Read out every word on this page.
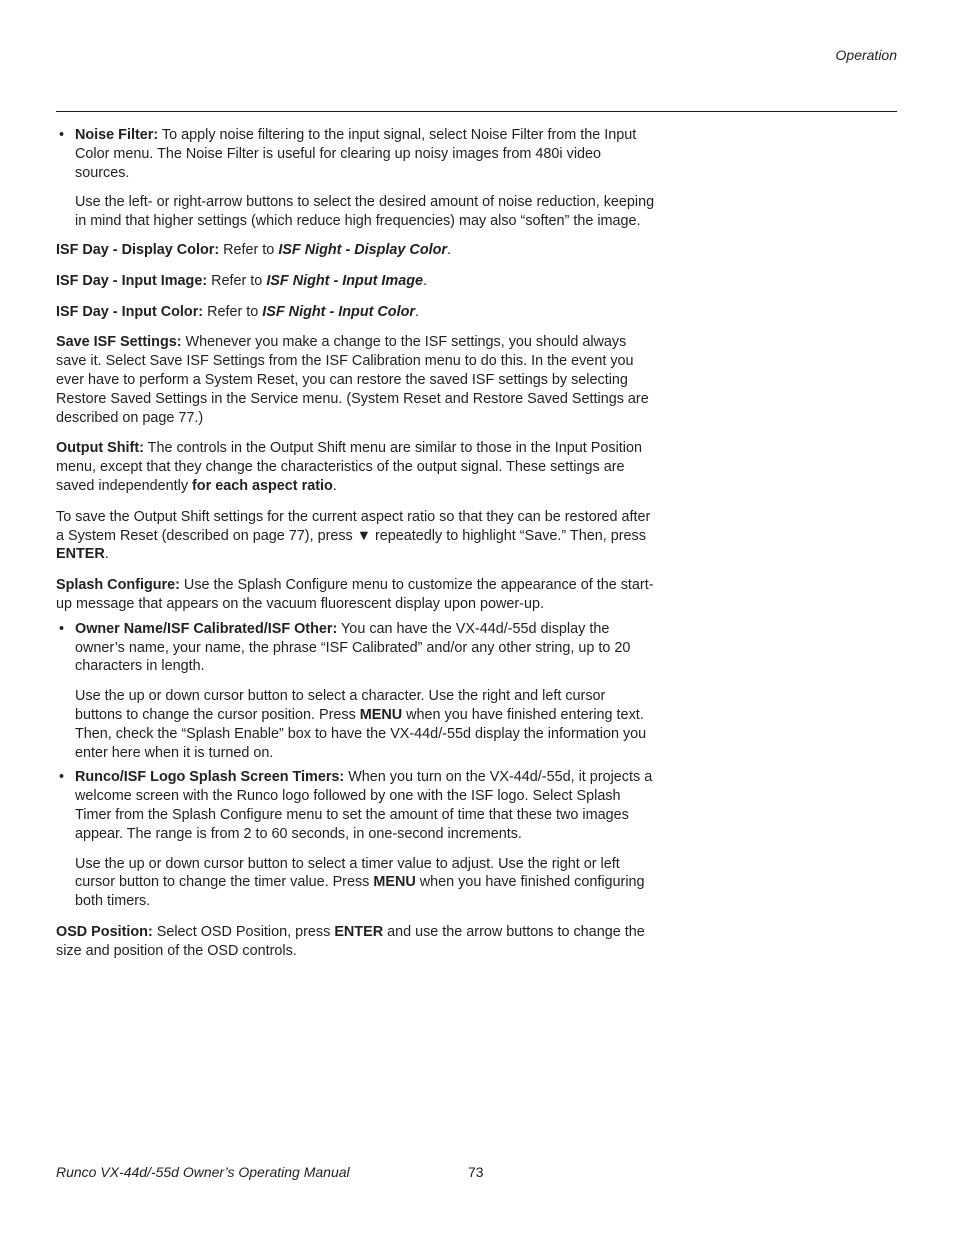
Operation
• Noise Filter: To apply noise filtering to the input signal, select Noise Filter from the Input Color menu. The Noise Filter is useful for clearing up noisy images from 480i video sources.

Use the left- or right-arrow buttons to select the desired amount of noise reduction, keeping in mind that higher settings (which reduce high frequencies) may also “soften” the image.

ISF Day - Display Color: Refer to ISF Night - Display Color.

ISF Day - Input Image: Refer to ISF Night - Input Image.

ISF Day - Input Color: Refer to ISF Night - Input Color.

Save ISF Settings: Whenever you make a change to the ISF settings, you should always save it. Select Save ISF Settings from the ISF Calibration menu to do this. In the event you ever have to perform a System Reset, you can restore the saved ISF settings by selecting Restore Saved Settings in the Service menu. (System Reset and Restore Saved Settings are described on page 77.)

Output Shift: The controls in the Output Shift menu are similar to those in the Input Position menu, except that they change the characteristics of the output signal. These settings are saved independently for each aspect ratio.

To save the Output Shift settings for the current aspect ratio so that they can be restored after a System Reset (described on page 77), press ▼ repeatedly to highlight “Save.” Then, press ENTER.

Splash Configure: Use the Splash Configure menu to customize the appearance of the start-up message that appears on the vacuum fluorescent display upon power-up.

• Owner Name/ISF Calibrated/ISF Other: You can have the VX-44d/-55d display the owner’s name, your name, the phrase “ISF Calibrated” and/or any other string, up to 20 characters in length.

Use the up or down cursor button to select a character. Use the right and left cursor buttons to change the cursor position. Press MENU when you have finished entering text. Then, check the “Splash Enable” box to have the VX-44d/-55d display the information you enter here when it is turned on.

• Runco/ISF Logo Splash Screen Timers: When you turn on the VX-44d/-55d, it projects a welcome screen with the Runco logo followed by one with the ISF logo. Select Splash Timer from the Splash Configure menu to set the amount of time that these two images appear. The range is from 2 to 60 seconds, in one-second increments.

Use the up or down cursor button to select a timer value to adjust. Use the right or left cursor button to change the timer value. Press MENU when you have finished configuring both timers.

OSD Position: Select OSD Position, press ENTER and use the arrow buttons to change the size and position of the OSD controls.

Runco VX-44d/-55d Owner’s Operating Manual	73
